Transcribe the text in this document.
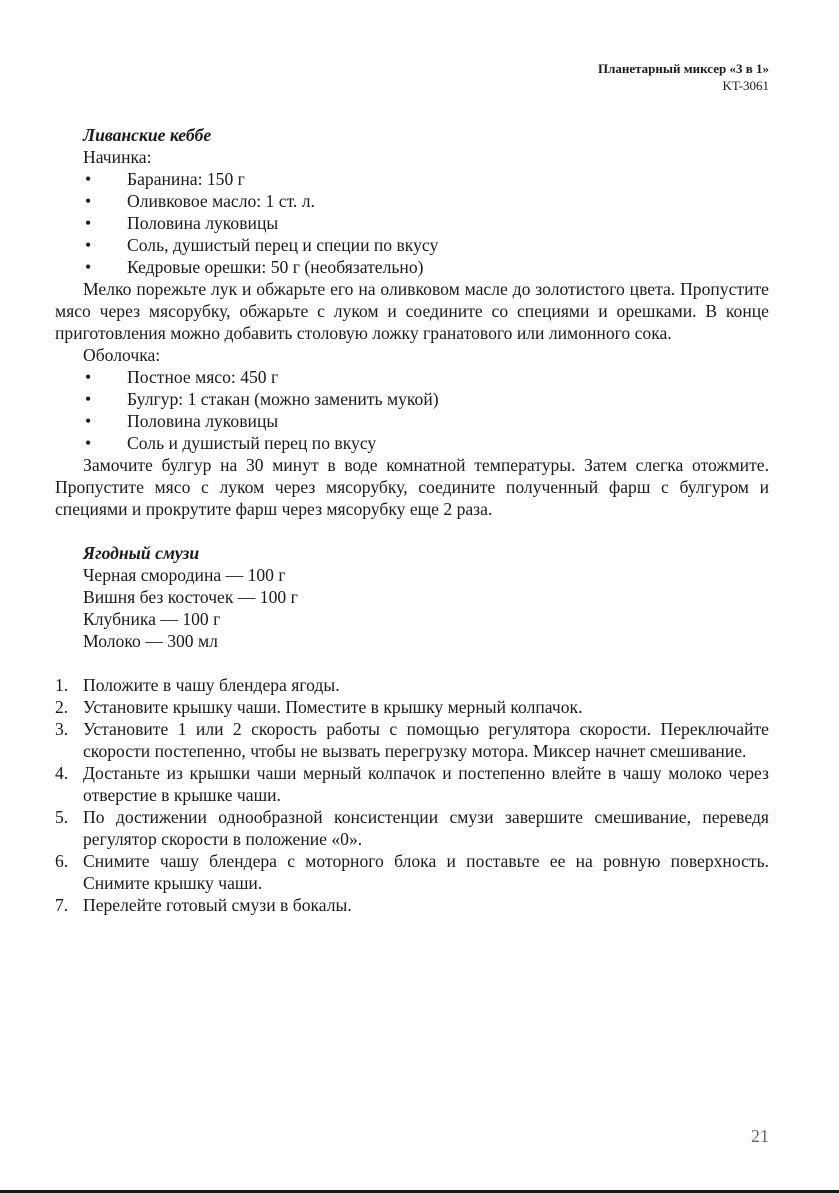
Планетарный миксер «3 в 1»
KT-3061
Ливанские кеббе
Начинка:
• Баранина: 150 г
• Оливковое масло: 1 ст. л.
• Половина луковицы
• Соль, душистый перец и специи по вкусу
• Кедровые орешки: 50 г (необязательно)

Мелко порежьте лук и обжарьте его на оливковом масле до золотистого цвета. Пропустите мясо через мясорубку, обжарьте с луком и соедините со специями и орешками. В конце приготовления можно добавить столовую ложку гранатового или лимонного сока.

Оболочка:
• Постное мясо: 450 г
• Булгур: 1 стакан (можно заменить мукой)
• Половина луковицы
• Соль и душистый перец по вкусу

Замочите булгур на 30 минут в воде комнатной температуры. Затем слегка отожмите. Пропустите мясо с луком через мясорубку, соедините полученный фарш с булгуром и специями и прокрутите фарш через мясорубку еще 2 раза.

Ягодный смузи
Черная смородина — 100 г
Вишня без косточек — 100 г
Клубника — 100 г
Молоко — 300 мл
1. Положите в чашу блендера ягоды.
2. Установите крышку чаши. Поместите в крышку мерный колпачок.
3. Установите 1 или 2 скорость работы с помощью регулятора скорости. Переключайте скорости постепенно, чтобы не вызвать перегрузку мотора. Миксер начнет смешивание.
4. Достаньте из крышки чаши мерный колпачок и постепенно влейте в чашу молоко через отверстие в крышке чаши.
5. По достижении однообразной консистенции смузи завершите смешивание, переведя регулятор скорости в положение «0».
6. Снимите чашу блендера с моторного блока и поставьте ее на ровную поверхность. Снимите крышку чаши.
7. Перелейте готовый смузи в бокалы.
21
